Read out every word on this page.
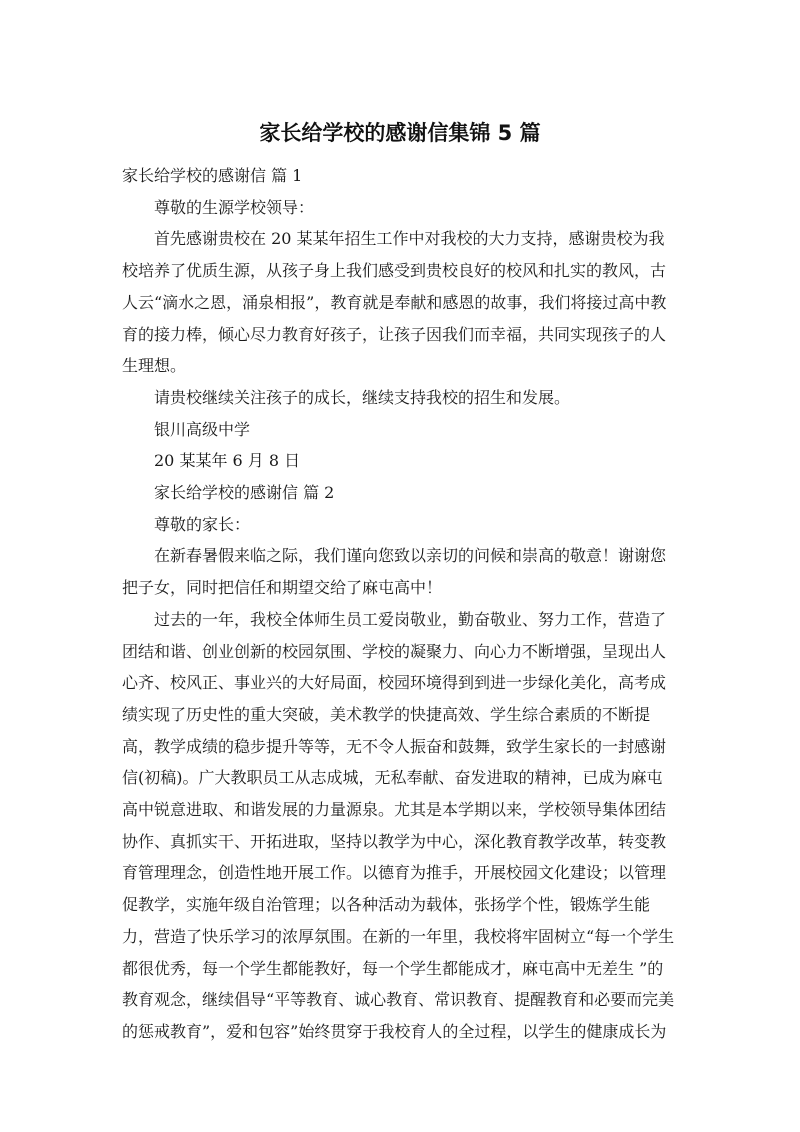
家长给学校的感谢信集锦 5 篇

家长给学校的感谢信 篇 1

尊敬的生源学校领导：

首先感谢贵校在 20 某某年招生工作中对我校的大力支持，感谢贵校为我校培养了优质生源，从孩子身上我们感受到贵校良好的校风和扎实的教风，古人云“滴水之恩，涌泉相报”，教育就是奉献和感恩的故事，我们将接过高中教育的接力棒，倾心尽力教育好孩子，让孩子因我们而幸福，共同实现孩子的人生理想。

请贵校继续关注孩子的成长，继续支持我校的招生和发展。

银川高级中学

20 某某年 6 月 8 日

家长给学校的感谢信 篇 2

尊敬的家长：

在新春暑假来临之际，我们谨向您致以亲切的问候和崇高的敬意！谢谢您把子女，同时把信任和期望交给了麻屯高中！

过去的一年，我校全体师生员工爱岗敬业，勤奋敬业、努力工作，营造了团结和谐、创业创新的校园氛围、学校的凝聚力、向心力不断增强，呈现出人心齐、校风正、事业兴的大好局面，校园环境得到到进一步绿化美化，高考成绩实现了历史性的重大突破，美术教学的快捷高效、学生综合素质的不断提高，教学成绩的稳步提升等等，无不令人振奋和鼓舞，致学生家长的一封感谢信(初稿)。广大教职员工从志成城，无私奉献、奋发进取的精神，已成为麻屯高中锐意进取、和谐发展的力量源泉。尤其是本学期以来，学校领导集体团结协作、真抓实干、开拓进取，坚持以教学为中心，深化教育教学改革，转变教育管理理念，创造性地开展工作。以德育为推手，开展校园文化建设；以管理促教学，实施年级自治管理；以各种活动为载体，张扬学个性，锻炼学生能力，营造了快乐学习的浓厚氛围。在新的一年里，我校将牢固树立“每一个学生都很优秀，每一个学生都能教好，每一个学生都能成才，麻屯高中无差生 ”的教育观念，继续倡导“平等教育、诚心教育、常识教育、提醒教育和必要而完美的惩戒教育”，爱和包容”始终贯穿于我校育人的全过程，以学生的健康成长为
